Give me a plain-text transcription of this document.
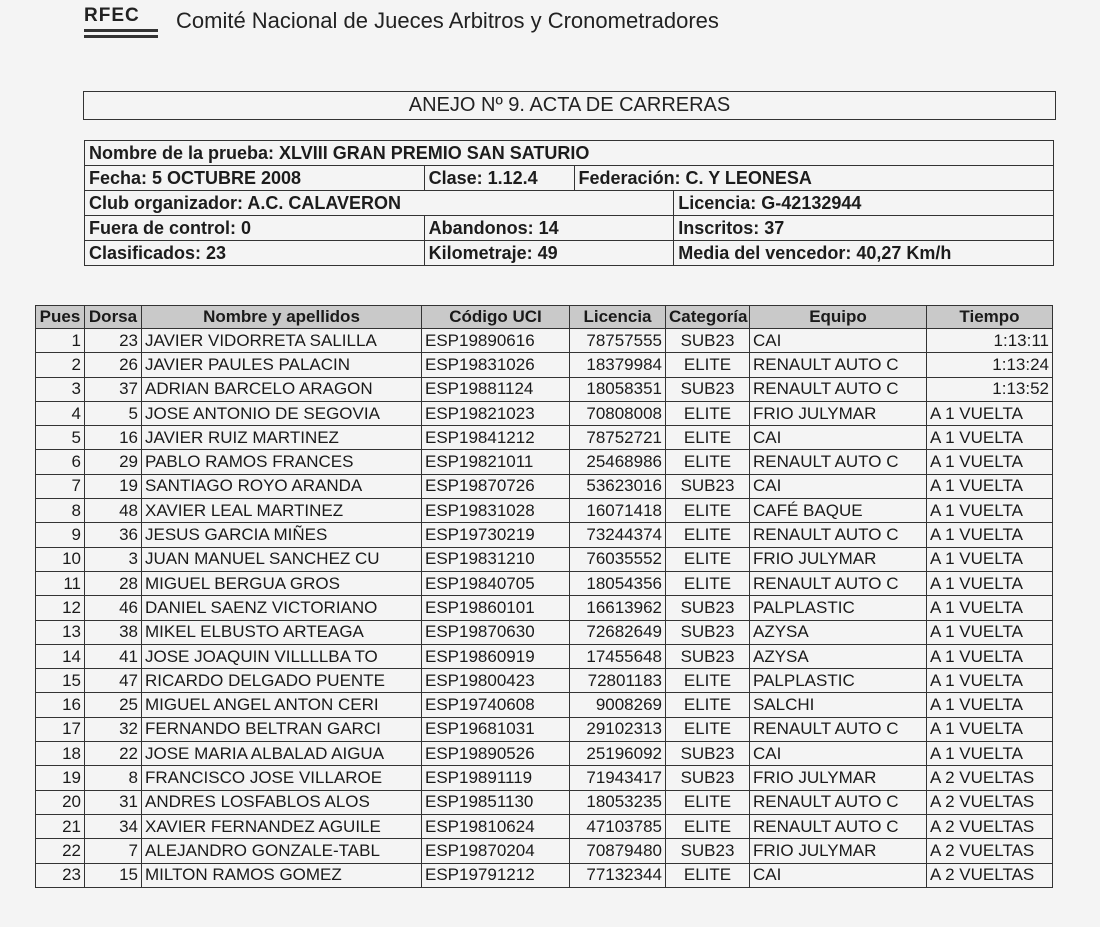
RFEC	Comité Nacional de Jueces Arbitros y Cronometradores
ANEJO Nº 9. ACTA DE CARRERAS
Nombre de la prueba: XLVIII GRAN PREMIO SAN SATURIO			
Fecha: 5 OCTUBRE 2008	Clase: 1.12.4	Federación: C. Y LEONESA	
Club organizador: A.C. CALAVERON			Licencia: G-42132944
Fuera de control: 0	Abandonos: 14		Inscritos: 37
Clasificados: 23	Kilometraje: 49		Media del vencedor: 40,27 Km/h
Pues	Dorsa	Nombre y apellidos	Código UCI	Licencia	Categoría	Equipo	Tiempo
1	23	JAVIER VIDORRETA SALILLA	ESP19890616	78757555	SUB23	CAI	1:13:11
2	26	JAVIER PAULES PALACIN	ESP19831026	18379984	ELITE	RENAULT AUTO C	1:13:24
3	37	ADRIAN BARCELO ARAGON	ESP19881124	18058351	SUB23	RENAULT AUTO C	1:13:52
4	5	JOSE ANTONIO DE SEGOVIA	ESP19821023	70808008	ELITE	FRIO JULYMAR	A 1 VUELTA
5	16	JAVIER RUIZ MARTINEZ	ESP19841212	78752721	ELITE	CAI	A 1 VUELTA
6	29	PABLO RAMOS FRANCES	ESP19821011	25468986	ELITE	RENAULT AUTO C	A 1 VUELTA
7	19	SANTIAGO ROYO ARANDA	ESP19870726	53623016	SUB23	CAI	A 1 VUELTA
8	48	XAVIER LEAL MARTINEZ	ESP19831028	16071418	ELITE	CAFÉ BAQUE	A 1 VUELTA
9	36	JESUS GARCIA MIÑES	ESP19730219	73244374	ELITE	RENAULT AUTO C	A 1 VUELTA
10	3	JUAN MANUEL SANCHEZ CU	ESP19831210	76035552	ELITE	FRIO JULYMAR	A 1 VUELTA
11	28	MIGUEL BERGUA GROS	ESP19840705	18054356	ELITE	RENAULT AUTO C	A 1 VUELTA
12	46	DANIEL SAENZ VICTORIANO	ESP19860101	16613962	SUB23	PALPLASTIC	A 1 VUELTA
13	38	MIKEL ELBUSTO ARTEAGA	ESP19870630	72682649	SUB23	AZYSA	A 1 VUELTA
14	41	JOSE JOAQUIN VILLLLBA TO	ESP19860919	17455648	SUB23	AZYSA	A 1 VUELTA
15	47	RICARDO DELGADO PUENTE	ESP19800423	72801183	ELITE	PALPLASTIC	A 1 VUELTA
16	25	MIGUEL ANGEL ANTON CERI	ESP19740608	9008269	ELITE	SALCHI	A 1 VUELTA
17	32	FERNANDO BELTRAN GARCI	ESP19681031	29102313	ELITE	RENAULT AUTO C	A 1 VUELTA
18	22	JOSE MARIA ALBALAD AIGUA	ESP19890526	25196092	SUB23	CAI	A 1 VUELTA
19	8	FRANCISCO JOSE VILLAROE	ESP19891119	71943417	SUB23	FRIO JULYMAR	A 2 VUELTAS
20	31	ANDRES LOSFABLOS ALOS	ESP19851130	18053235	ELITE	RENAULT AUTO C	A 2 VUELTAS
21	34	XAVIER FERNANDEZ AGUILE	ESP19810624	47103785	ELITE	RENAULT AUTO C	A 2 VUELTAS
22	7	ALEJANDRO GONZALE-TABL	ESP19870204	70879480	SUB23	FRIO JULYMAR	A 2 VUELTAS
23	15	MILTON RAMOS GOMEZ	ESP19791212	77132344	ELITE	CAI	A 2 VUELTAS
